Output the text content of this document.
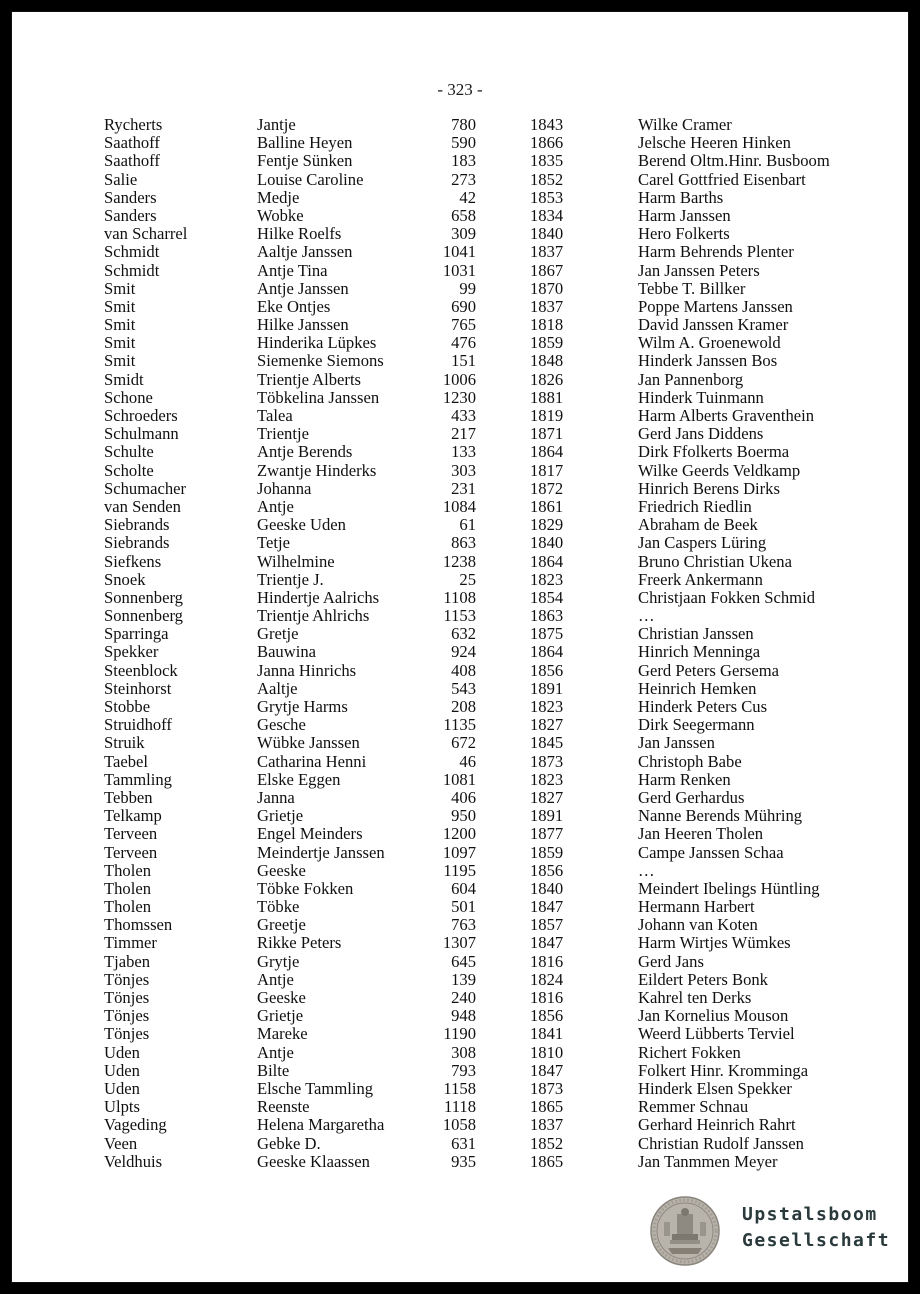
- 323 -
Rycherts	Jantje	780	1843	Wilke Cramer
Saathoff	Balline Heyen	590	1866	Jelsche Heeren Hinken
Saathoff	Fentje Sünken	183	1835	Berend Oltm.Hinr. Busboom
Salie	Louise Caroline	273	1852	Carel Gottfried Eisenbart
Sanders	Medje	42	1853	Harm Barths
Sanders	Wobke	658	1834	Harm Janssen
van Scharrel	Hilke Roelfs	309	1840	Hero Folkerts
Schmidt	Aaltje Janssen	1041	1837	Harm Behrends Plenter
Schmidt	Antje Tina	1031	1867	Jan Janssen Peters
Smit	Antje Janssen	99	1870	Tebbe T. Billker
Smit	Eke Ontjes	690	1837	Poppe Martens Janssen
Smit	Hilke Janssen	765	1818	David Janssen Kramer
Smit	Hinderika Lüpkes	476	1859	Wilm A. Groenewold
Smit	Siemenke Siemons	151	1848	Hinderk Janssen Bos
Smidt	Trientje Alberts	1006	1826	Jan Pannenborg
Schone	Töbkelina Janssen	1230	1881	Hinderk Tuinmann
Schroeders	Talea	433	1819	Harm Alberts Graventhein
Schulmann	Trientje	217	1871	Gerd Jans Diddens
Schulte	Antje Berends	133	1864	Dirk Ffolkerts Boerma
Scholte	Zwantje Hinderks	303	1817	Wilke Geerds Veldkamp
Schumacher	Johanna	231	1872	Hinrich Berens Dirks
van Senden	Antje	1084	1861	Friedrich Riedlin
Siebrands	Geeske Uden	61	1829	Abraham de Beek
Siebrands	Tetje	863	1840	Jan Caspers Lüring
Siefkens	Wilhelmine	1238	1864	Bruno Christian Ukena
Snoek	Trientje J.	25	1823	Freerk Ankermann
Sonnenberg	Hindertje Aalrichs	1108	1854	Christjaan Fokken Schmid
Sonnenberg	Trientje Ahlrichs	1153	1863	…
Sparringa	Gretje	632	1875	Christian Janssen
Spekker	Bauwina	924	1864	Hinrich Menninga
Steenblock	Janna Hinrichs	408	1856	Gerd Peters Gersema
Steinhorst	Aaltje	543	1891	Heinrich Hemken
Stobbe	Grytje Harms	208	1823	Hinderk Peters Cus
Struidhoff	Gesche	1135	1827	Dirk Seegermann
Struik	Wübke Janssen	672	1845	Jan Janssen
Taebel	Catharina Henni	46	1873	Christoph Babe
Tammling	Elske Eggen	1081	1823	Harm Renken
Tebben	Janna	406	1827	Gerd Gerhardus
Telkamp	Grietje	950	1891	Nanne Berends Mühring
Terveen	Engel Meinders	1200	1877	Jan Heeren Tholen
Terveen	Meindertje Janssen	1097	1859	Campe Janssen Schaa
Tholen	Geeske	1195	1856	…
Tholen	Töbke Fokken	604	1840	Meindert Ibelings Hüntling
Tholen	Töbke	501	1847	Hermann Harbert
Thomssen	Greetje	763	1857	Johann van Koten
Timmer	Rikke Peters	1307	1847	Harm Wirtjes Wümkes
Tjaben	Grytje	645	1816	Gerd Jans
Tönjes	Antje	139	1824	Eildert Peters Bonk
Tönjes	Geeske	240	1816	Kahrel ten Derks
Tönjes	Grietje	948	1856	Jan Kornelius Mouson
Tönjes	Mareke	1190	1841	Weerd Lübberts Terviel
Uden	Antje	308	1810	Richert Fokken
Uden	Bilte	793	1847	Folkert Hinr. Kromminga
Uden	Elsche Tammling	1158	1873	Hinderk Elsen Spekker
Ulpts	Reenste	1118	1865	Remmer Schnau
Vageding	Helena Margaretha	1058	1837	Gerhard Heinrich Rahrt
Veen	Gebke D.	631	1852	Christian Rudolf Janssen
Veldhuis	Geeske Klaassen	935	1865	Jan Tanmmen Meyer
Upstalsboom
Gesellschaft
